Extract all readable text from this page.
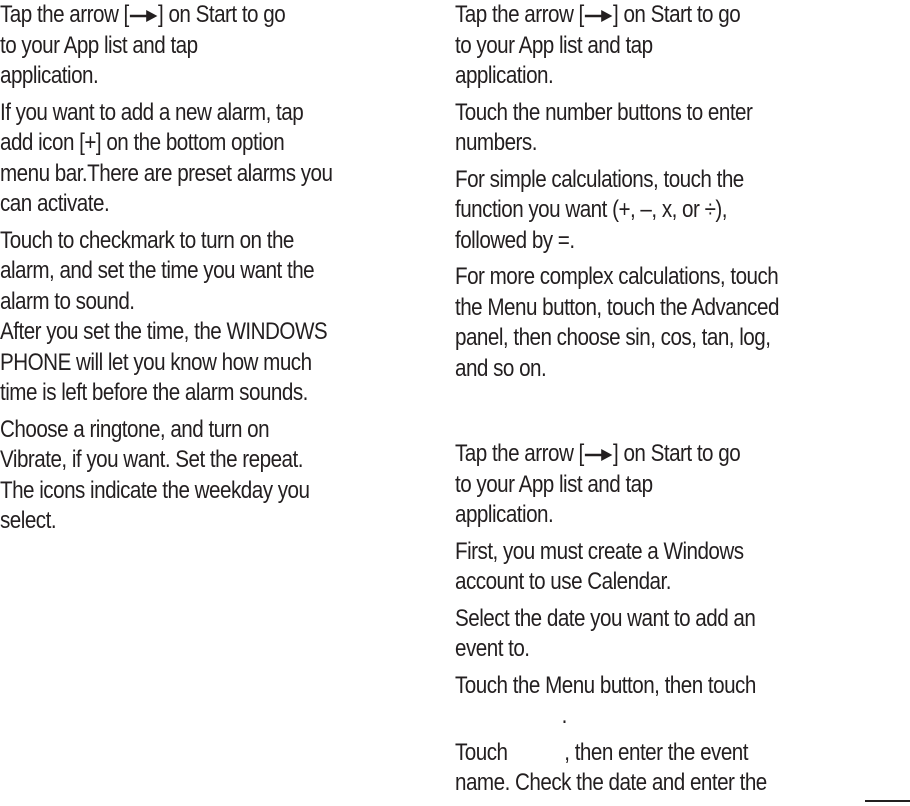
Tap the arrow [ ] on Start to go
to your App list and tap
application.

If you want to add a new alarm, tap
add icon [+] on the bottom option
menu bar.There are preset alarms you
can activate.

Touch to checkmark to turn on the
alarm, and set the time you want the
alarm to sound.
After you set the time, the WINDOWS
PHONE will let you know how much
time is left before the alarm sounds.

Choose a ringtone, and turn on
Vibrate, if you want. Set the repeat.
The icons indicate the weekday you
select.

Tap the arrow [ ] on Start to go
to your App list and tap
application.

Touch the number buttons to enter
numbers.

For simple calculations, touch the
function you want (+, –, x, or ÷),
followed by =.

For more complex calculations, touch
the Menu button, touch the Advanced
panel, then choose sin, cos, tan, log,
and so on.

Tap the arrow [ ] on Start to go
to your App list and tap
application.

First, you must create a Windows
account to use Calendar.

Select the date you want to add an
event to.

Touch the Menu button, then touch
.

Touch , then enter the event
name. Check the date and enter the
